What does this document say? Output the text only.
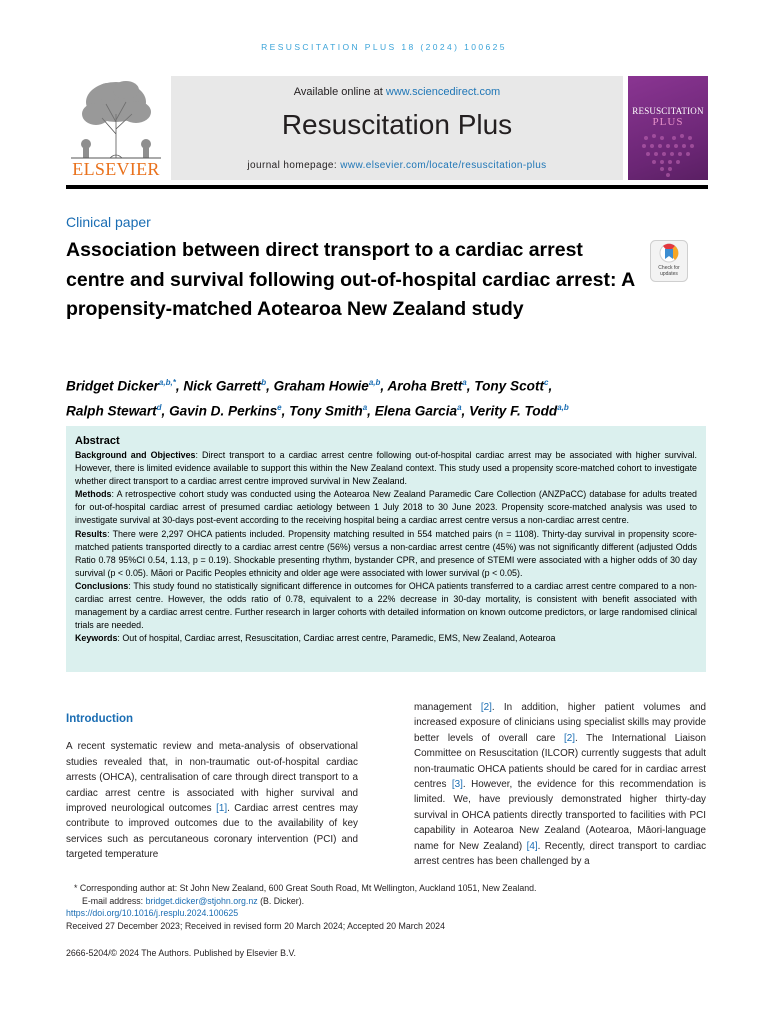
RESUSCITATION PLUS 18 (2024) 100625
ELSEVIER
Available online at www.sciencedirect.com
Resuscitation Plus
journal homepage: www.elsevier.com/locate/resuscitation-plus
RESUSCITATION
PLUS
Clinical paper
Association between direct transport to a cardiac arrest centre and survival following out-of-hospital cardiac arrest: A propensity-matched Aotearoa New Zealand study
Check for updates
Bridget Dicker$^{a,b,*}$, Nick Garrett$^b$, Graham Howie$^{a,b}$, Aroha Brett$^a$, Tony Scott$^c$,
Ralph Stewart$^d$, Gavin D. Perkins$^e$, Tony Smith$^a$, Elena Garcia$^a$, Verity F. Todd$^{a,b}$
Abstract

Background and Objectives: Direct transport to a cardiac arrest centre following out-of-hospital cardiac arrest may be associated with higher survival. However, there is limited evidence available to support this within the New Zealand context. This study used a propensity score-matched cohort to investigate whether direct transport to a cardiac arrest centre improved survival in New Zealand.

Methods: A retrospective cohort study was conducted using the Aotearoa New Zealand Paramedic Care Collection (ANZPaCC) database for adults treated for out-of-hospital cardiac arrest of presumed cardiac aetiology between 1 July 2018 to 30 June 2023. Propensity score-matched analysis was used to investigate survival at 30-days post-event according to the receiving hospital being a cardiac arrest centre versus a non-cardiac arrest centre.

Results: There were 2,297 OHCA patients included. Propensity matching resulted in 554 matched pairs (n = 1108). Thirty-day survival in propensity score-matched patients transported directly to a cardiac arrest centre (56%) versus a non-cardiac arrest centre (45%) was not significantly different (adjusted Odds Ratio 0.78 95%CI 0.54, 1.13, p = 0.19). Shockable presenting rhythm, bystander CPR, and presence of STEMI were associated with a higher odds of 30 day survival (p < 0.05). Māori or Pacific Peoples ethnicity and older age were associated with lower survival (p < 0.05).

Conclusions: This study found no statistically significant difference in outcomes for OHCA patients transferred to a cardiac arrest centre compared to a non-cardiac arrest centre. However, the odds ratio of 0.78, equivalent to a 22% decrease in 30-day mortality, is consistent with benefit associated with management by a cardiac arrest centre. Further research in larger cohorts with detailed information on known outcome predictors, or large randomised clinical trials are needed.

Keywords: Out of hospital, Cardiac arrest, Resuscitation, Cardiac arrest centre, Paramedic, EMS, New Zealand, Aotearoa

Introduction

A recent systematic review and meta-analysis of observational studies revealed that, in non-traumatic out-of-hospital cardiac arrests (OHCA), centralisation of care through direct transport to a cardiac arrest centre is associated with higher survival and improved neurological outcomes [1]. Cardiac arrest centres may contribute to improved outcomes due to the availability of key services such as percutaneous coronary intervention (PCI) and targeted temperature

management [2]. In addition, higher patient volumes and increased exposure of clinicians using specialist skills may provide better levels of overall care [2]. The International Liaison Committee on Resuscitation (ILCOR) currently suggests that adult non-traumatic OHCA patients should be cared for in cardiac arrest centres [3]. However, the evidence for this recommendation is limited. We, have previously demonstrated higher thirty-day survival in OHCA patients directly transported to facilities with PCI capability in Aotearoa New Zealand (Aotearoa, Māori-language name for New Zealand) [4]. Recently, direct transport to cardiac arrest centres has been challenged by a

* Corresponding author at: St John New Zealand, 600 Great South Road, Mt Wellington, Auckland 1051, New Zealand.
E-mail address: bridget.dicker@stjohn.org.nz (B. Dicker).
https://doi.org/10.1016/j.resplu.2024.100625
Received 27 December 2023; Received in revised form 20 March 2024; Accepted 20 March 2024
2666-5204/© 2024 The Authors. Published by Elsevier B.V.
